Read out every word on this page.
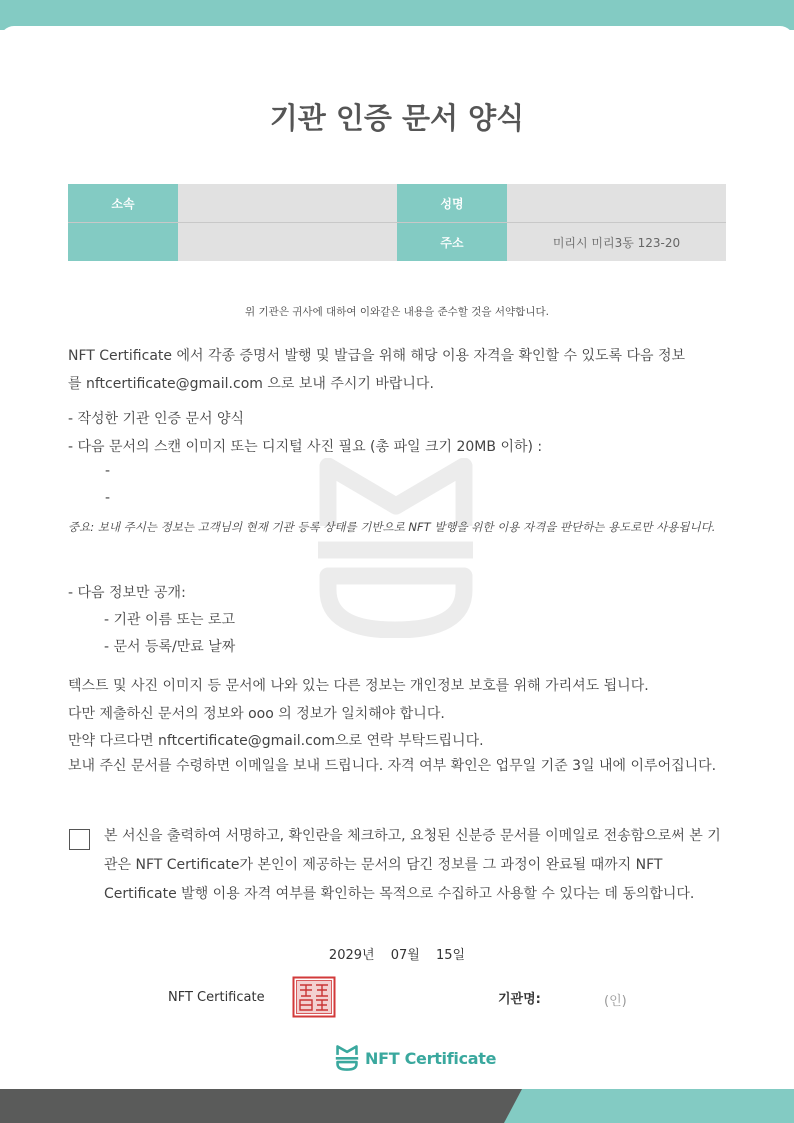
기관 인증 문서 양식
소속		성명	
		주소	미리시 미리3동 123-20
위 기관은 귀사에 대하여 이와같은 내용을 준수할 것을 서약합니다.
NFT Certificate 에서 각종 증명서 발행 및 발급을 위해 해당 이용 자격을 확인할 수 있도록 다음 정보
를 nftcertificate@gmail.com 으로 보내 주시기 바랍니다.
- 작성한 기관 인증 문서 양식
- 다음 문서의 스캔 이미지 또는 디지털 사진 필요 (총 파일 크기 20MB 이하) :
-
-
중요: 보내 주시는 정보는 고객님의 현재 기관 등록 상태를 기반으로 NFT 발행을 위한 이용 자격을 판단하는 용도로만 사용됩니다.
- 다음 정보만 공개:
- 기관 이름 또는 로고
- 문서 등록/만료 날짜
텍스트 및 사진 이미지 등 문서에 나와 있는 다른 정보는 개인정보 보호를 위해 가리셔도 됩니다.
다만 제출하신 문서의 정보와 ooo 의 정보가 일치해야 합니다.
만약 다르다면 nftcertificate@gmail.com으로 연락 부탁드립니다.
보내 주신 문서를 수령하면 이메일을 보내 드립니다. 자격 여부 확인은 업무일 기준 3일 내에 이루어집니다.
본 서신을 출력하여 서명하고, 확인란을 체크하고, 요청된 신분증 문서를 이메일로 전송함으로써 본 기관은 NFT Certificate가 본인이 제공하는 문서의 담긴 정보를 그 과정이 완료될 때까지 NFT Certificate 발행 이용 자격 여부를 확인하는 목적으로 수집하고 사용할 수 있다는 데 동의합니다.
2029년 07월 15일
NFT Certificate	기관명:	(인)
NFT Certificate
